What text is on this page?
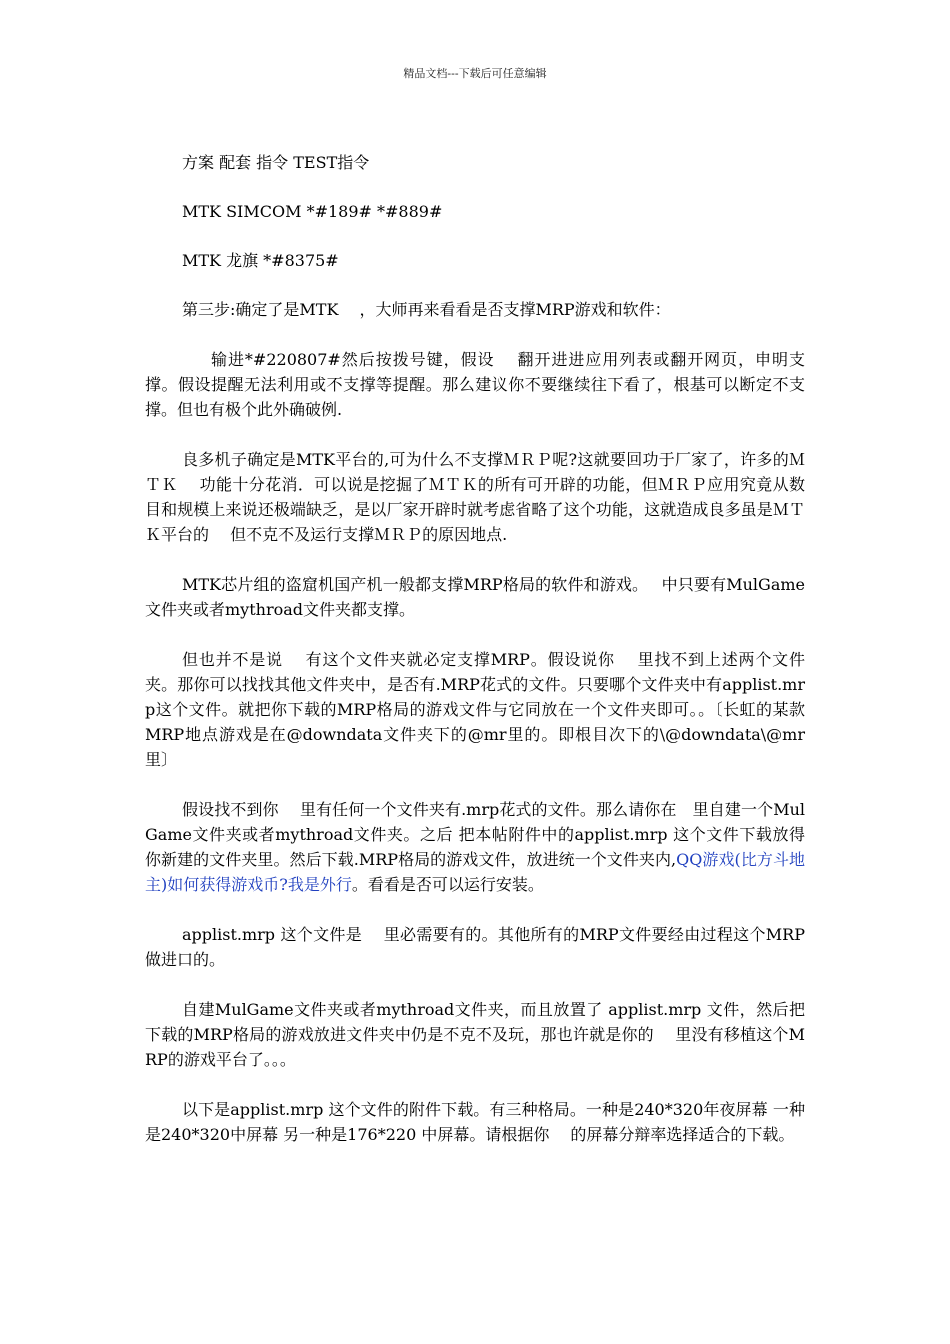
精品文档---下载后可任意编辑

方案 配套 指令 TEST指令

MTK SIMCOM *#189# *#889#

MTK 龙旗 *#8375#

第三步:确定了是MTK　 ，大师再来看看是否支撑MRP游戏和软件：

输进*#220807#然后按拨号键，假设　 翻开进进应用列表或翻开网页，申明支撑。假设提醒无法利用或不支撑等提醒。那么建议你不要继续往下看了，根基可以断定不支撑。但也有极个此外确破例.

良多机子确定是MTK平台的,可为什么不支撑ＭＲＰ呢?这就要回功于厂家了，许多的ＭＴＫ　 功能十分花消．可以说是挖掘了ＭＴＫ的所有可开辟的功能，但ＭＲＰ应用究竟从数目和规模上来说还极端缺乏，是以厂家开辟时就考虑省略了这个功能，这就造成良多虽是ＭＴＫ平台的　 但不克不及运行支撑ＭＲＰ的原因地点.

MTK芯片组的盗窟机国产机一般都支撑MRP格局的软件和游戏。　 中只要有MulGame文件夹或者mythroad文件夹都支撑。

但也并不是说　 有这个文件夹就必定支撑MRP。假设说你　 里找不到上述两个文件夹。那你可以找找其他文件夹中，是否有.MRP花式的文件。只要哪个文件夹中有applist.mrp这个文件。就把你下载的MRP格局的游戏文件与它同放在一个文件夹即可。。〔长虹的某款　 MRP地点游戏是在@downdata文件夹下的@mr里的。即根目次下的\@downdata\@mr里〕

假设找不到你　 里有任何一个文件夹有.mrp花式的文件。那么请你在　里自建一个MulGame文件夹或者mythroad文件夹。之后 把本帖附件中的applist.mrp 这个文件下载放得　 你新建的文件夹里。然后下载.MRP格局的游戏文件，放进统一个文件夹内,QQ游戏(比方斗地主)如何获得游戏币?我是外行。看看是否可以运行安装。

applist.mrp 这个文件是　 里必需要有的。其他所有的MRP文件要经由过程这个MRP做进口的。

自建MulGame文件夹或者mythroad文件夹，而且放置了 applist.mrp 文件，然后把下载的MRP格局的游戏放进文件夹中仍是不克不及玩，那也许就是你的　 里没有移植这个MRP的游戏平台了。。。

以下是applist.mrp 这个文件的附件下载。有三种格局。一种是240*320年夜屏幕 一种是240*320中屏幕 另一种是176*220 中屏幕。请根据你　 的屏幕分辩率选择适合的下载。
